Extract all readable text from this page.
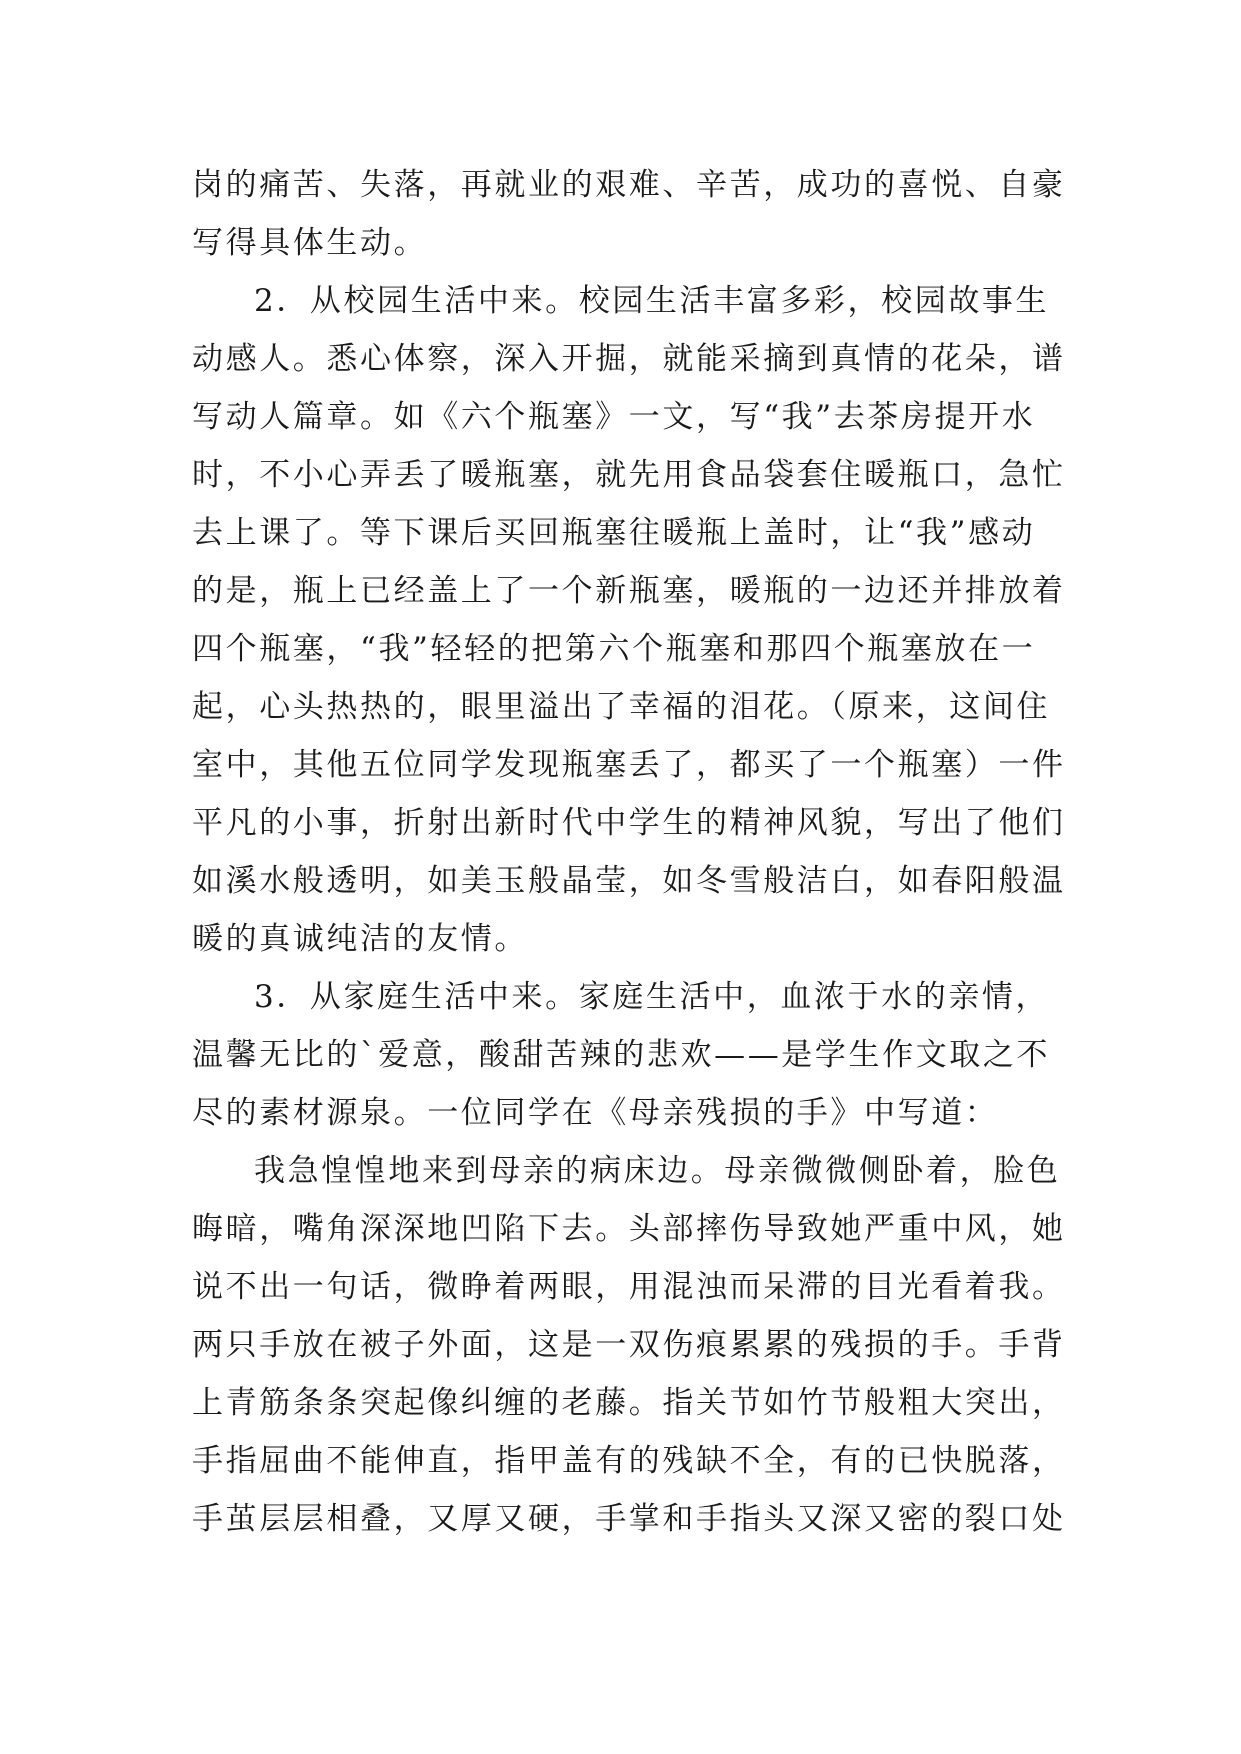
岗的痛苦、失落，再就业的艰难、辛苦，成功的喜悦、自豪
写得具体生动。
2．从校园生活中来。校园生活丰富多彩，校园故事生
动感人。悉心体察，深入开掘，就能采摘到真情的花朵，谱
写动人篇章。如《六个瓶塞》一文，写“我”去茶房提开水
时，不小心弄丢了暖瓶塞，就先用食品袋套住暖瓶口，急忙
去上课了。等下课后买回瓶塞往暖瓶上盖时，让“我”感动
的是，瓶上已经盖上了一个新瓶塞，暖瓶的一边还并排放着
四个瓶塞，“我”轻轻的把第六个瓶塞和那四个瓶塞放在一
起，心头热热的，眼里溢出了幸福的泪花。（原来，这间住
室中，其他五位同学发现瓶塞丢了，都买了一个瓶塞）一件
平凡的小事，折射出新时代中学生的精神风貌，写出了他们
如溪水般透明，如美玉般晶莹，如冬雪般洁白，如春阳般温
暖的真诚纯洁的友情。
3．从家庭生活中来。家庭生活中，血浓于水的亲情，
温馨无比的`爱意，酸甜苦辣的悲欢——是学生作文取之不
尽的素材源泉。一位同学在《母亲残损的手》中写道：
我急惶惶地来到母亲的病床边。母亲微微侧卧着，脸色
晦暗，嘴角深深地凹陷下去。头部摔伤导致她严重中风，她
说不出一句话，微睁着两眼，用混浊而呆滞的目光看着我。
两只手放在被子外面，这是一双伤痕累累的残损的手。手背
上青筋条条突起像纠缠的老藤。指关节如竹节般粗大突出，
手指屈曲不能伸直，指甲盖有的残缺不全，有的已快脱落，
手茧层层相叠，又厚又硬，手掌和手指头又深又密的裂口处
